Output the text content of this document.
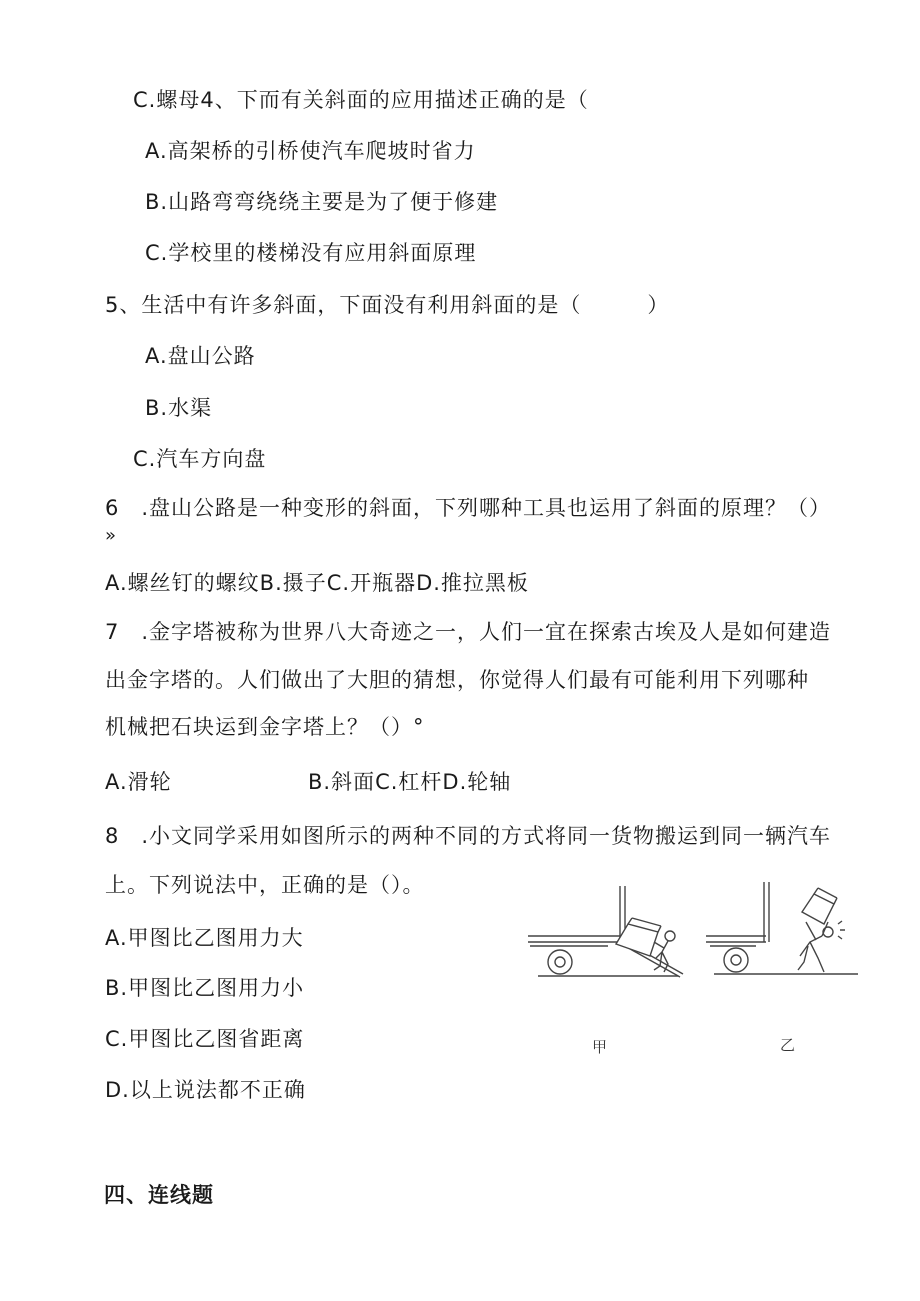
C.螺母4、下而有关斜面的应用描述正确的是（
A.高架桥的引桥使汽车爬坡时省力
B.山路弯弯绕绕主要是为了便于修建
C.学校里的楼梯没有应用斜面原理
5、生活中有许多斜面，下面没有利用斜面的是（　　　）
A.盘山公路
B.水渠
C.汽车方向盘
6　.盘山公路是一种变形的斜面，下列哪种工具也运用了斜面的原理？（）
»
A.螺丝钉的螺纹B.摄子C.开瓶器D.推拉黑板
7　.金字塔被称为世界八大奇迹之一，人们一宜在探索古埃及人是如何建造
出金字塔的。人们做出了大胆的猜想，你觉得人们最有可能利用下列哪种
机械把石块运到金字塔上？（）°
A.滑轮	B.斜面C.杠杆D.轮轴
8　.小文同学采用如图所示的两种不同的方式将同一货物搬运到同一辆汽车
上。下列说法中，正确的是（）。
A.甲图比乙图用力大
B.甲图比乙图用力小
C.甲图比乙图省距离
D.以上说法都不正确
甲	乙
四、连线题
